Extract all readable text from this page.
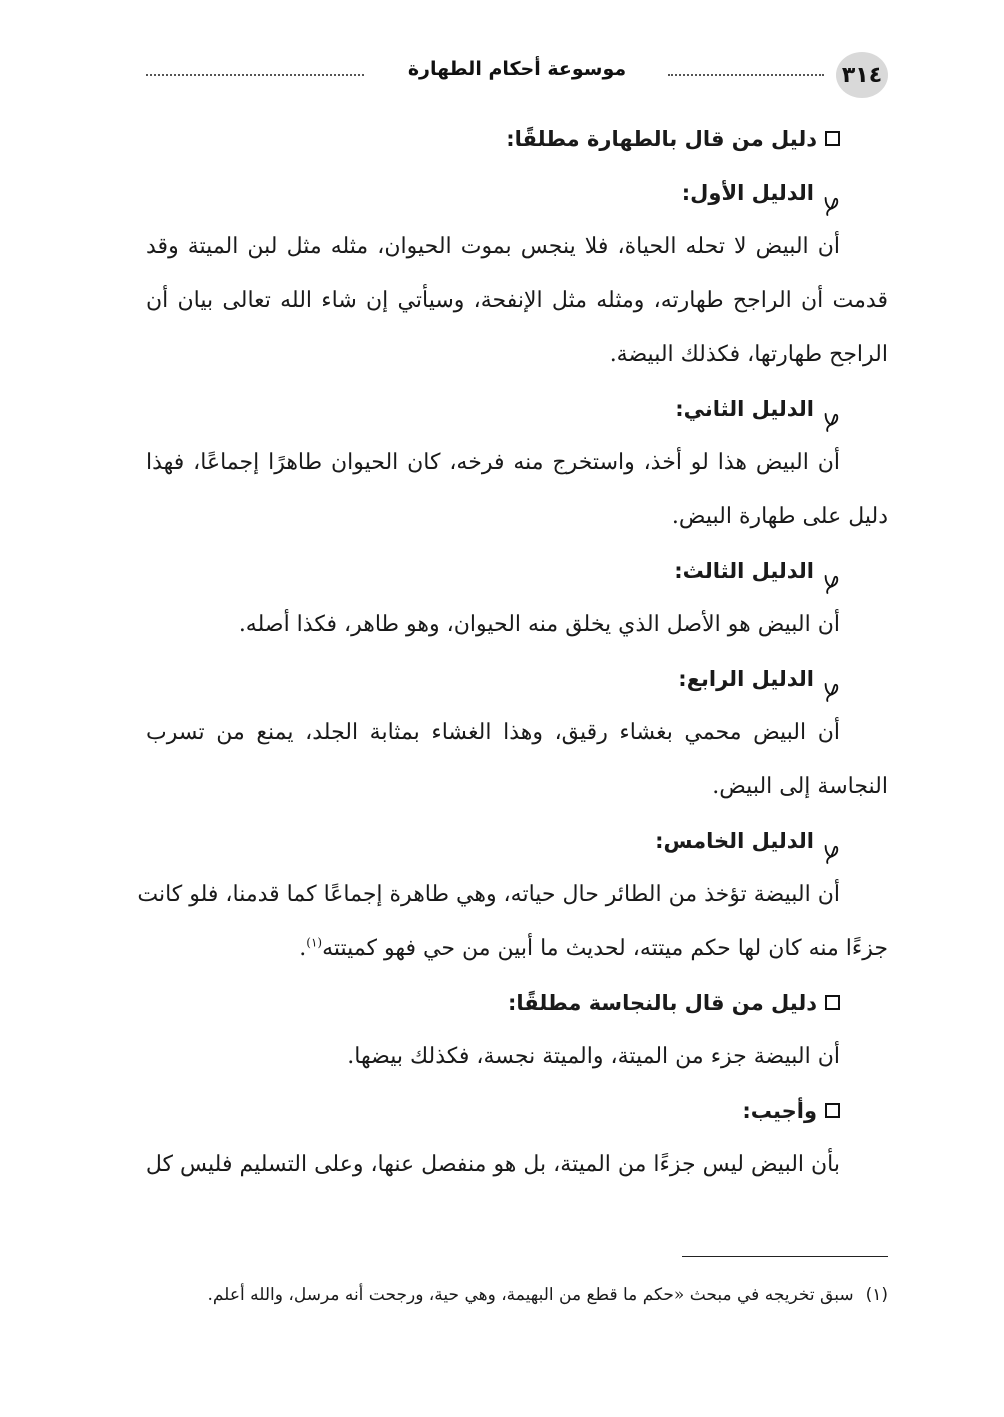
٣١٤
موسوعة أحكام الطهارة
دليل من قال بالطهارة مطلقًا:
الدليل الأول:
أن البيض لا تحله الحياة، فلا ينجس بموت الحيوان، مثله مثل لبن الميتة وقد
قدمت أن الراجح طهارته، ومثله مثل الإنفحة، وسيأتي إن شاء الله تعالى بيان أن
الراجح طهارتها، فكذلك البيضة.
الدليل الثاني:
أن البيض هذا لو أخذ، واستخرج منه فرخه، كان الحيوان طاهرًا إجماعًا، فهذا
دليل على طهارة البيض.
الدليل الثالث:
أن البيض هو الأصل الذي يخلق منه الحيوان، وهو طاهر، فكذا أصله.
الدليل الرابع:
أن البيض محمي بغشاء رقيق، وهذا الغشاء بمثابة الجلد، يمنع من تسرب
النجاسة إلى البيض.
الدليل الخامس:
أن البيضة تؤخذ من الطائر حال حياته، وهي طاهرة إجماعًا كما قدمنا، فلو كانت
جزءًا منه كان لها حكم ميتته، لحديث ما أبين من حي فهو كميتته$^{(١)}$.
دليل من قال بالنجاسة مطلقًا:
أن البيضة جزء من الميتة، والميتة نجسة، فكذلك بيضها.
وأجيب:
بأن البيض ليس جزءًا من الميتة، بل هو منفصل عنها، وعلى التسليم فليس كل
(١)سبق تخريجه في مبحث «حكم ما قطع من البهيمة، وهي حية، ورجحت أنه مرسل، والله أعلم.
